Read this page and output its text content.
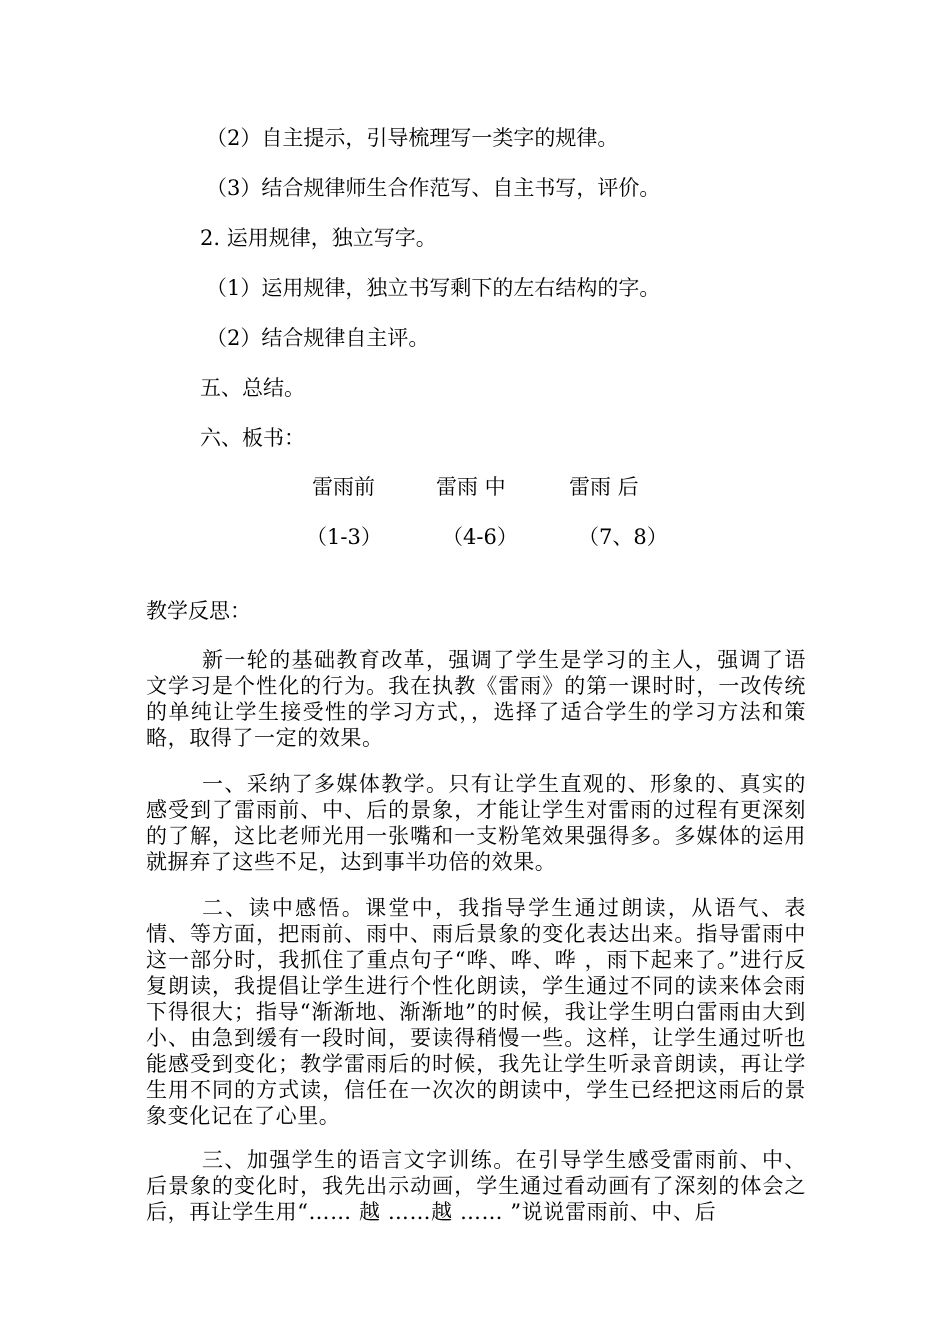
（2）自主提示，引导梳理写一类字的规律。
（3）结合规律师生合作范写、自主书写，评价。
2. 运用规律，独立写字。
（1）运用规律，独立书写剩下的左右结构的字。
（2）结合规律自主评。
五、总结。
六、板书：
雷雨前	雷雨 中	雷雨 后
（1-3）	（4-6）	（7、8）
教学反思：
新一轮的基础教育改革，强调了学生是学习的主人，强调了语文学习是个性化的行为。我在执教《雷雨》的第一课时时，一改传统的单纯让学生接受性的学习方式，，选择了适合学生的学习方法和策略，取得了一定的效果。
一、采纳了多媒体教学。只有让学生直观的、形象的、真实的感受到了雷雨前、中、后的景象，才能让学生对雷雨的过程有更深刻的了解，这比老师光用一张嘴和一支粉笔效果强得多。多媒体的运用就摒弃了这些不足，达到事半功倍的效果。
二、读中感悟。课堂中，我指导学生通过朗读，从语气、表情、等方面，把雨前、雨中、雨后景象的变化表达出来。指导雷雨中这一部分时，我抓住了重点句子“哗、哗、哗 ，雨下起来了。”进行反复朗读，我提倡让学生进行个性化朗读，学生通过不同的读来体会雨下得很大；指导“渐渐地、渐渐地”的时候，我让学生明白雷雨由大到小、由急到缓有一段时间，要读得稍慢一些。这样，让学生通过听也能感受到变化；教学雷雨后的时候，我先让学生听录音朗读，再让学生用不同的方式读，信任在一次次的朗读中，学生已经把这雨后的景象变化记在了心里。
三、加强学生的语言文字训练。在引导学生感受雷雨前、中、后景象的变化时，我先出示动画，学生通过看动画有了深刻的体会之后，再让学生用“…… 越 ……越 …… ”说说雷雨前、中、后
